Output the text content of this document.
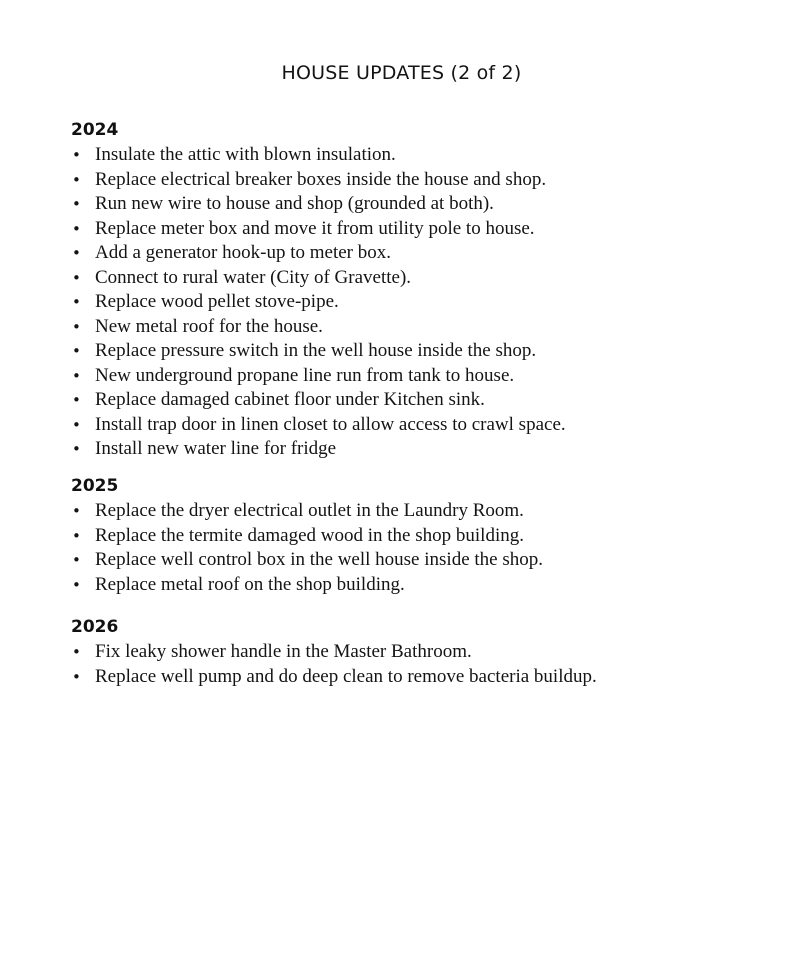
HOUSE UPDATES (2 of 2)
2024
• Insulate the attic with blown insulation.
• Replace electrical breaker boxes inside the house and shop.
• Run new wire to house and shop (grounded at both).
• Replace meter box and move it from utility pole to house.
• Add a generator hook-up to meter box.
• Connect to rural water (City of Gravette).
• Replace wood pellet stove-pipe.
• New metal roof for the house.
• Replace pressure switch in the well house inside the shop.
• New underground propane line run from tank to house.
• Replace damaged cabinet floor under Kitchen sink.
• Install trap door in linen closet to allow access to crawl space.
• Install new water line for fridge
2025
• Replace the dryer electrical outlet in the Laundry Room.
• Replace the termite damaged wood in the shop building.
• Replace well control box in the well house inside the shop.
• Replace metal roof on the shop building.
2026
• Fix leaky shower handle in the Master Bathroom.
• Replace well pump and do deep clean to remove bacteria buildup.
